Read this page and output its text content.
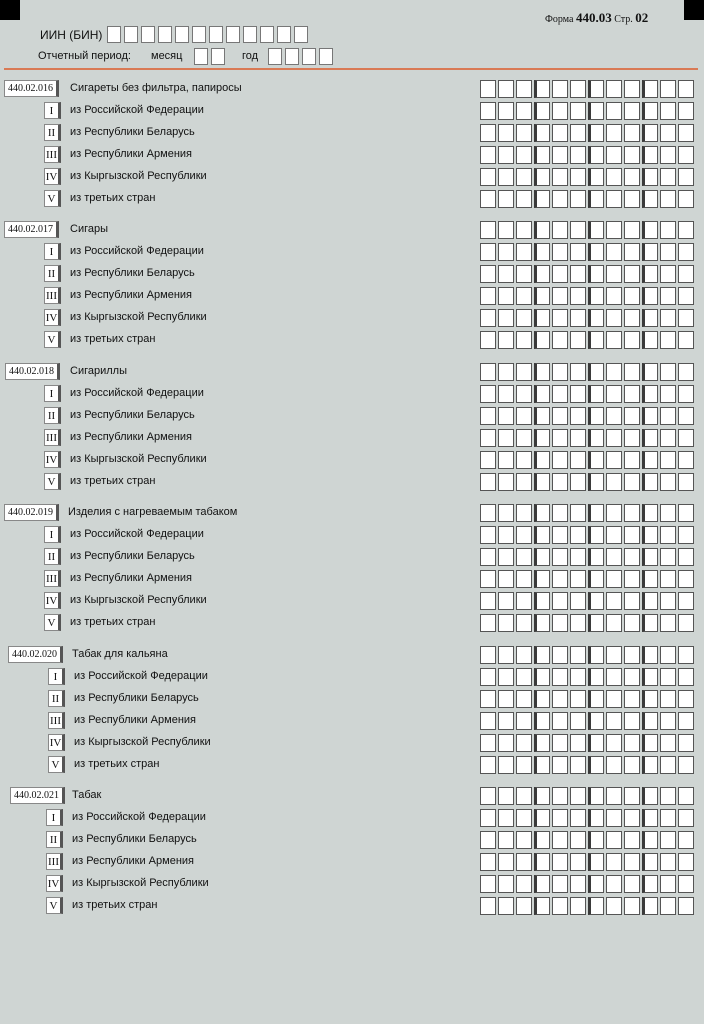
Форма 440.03 Стр. 02
ИИН (БИН)
Отчетный период: месяц	год
440.02.016	Сигареты без фильтра, папиросы
I	из Российской Федерации
II	из Республики Беларусь
III	из Республики Армения
IV	из Кыргызской Республики
V	из третьих стран
440.02.017	Сигары
I	из Российской Федерации
II	из Республики Беларусь
III	из Республики Армения
IV	из Кыргызской Республики
V	из третьих стран
440.02.018	Сигариллы
I	из Российской Федерации
II	из Республики Беларусь
III	из Республики Армения
IV	из Кыргызской Республики
V	из третьих стран
440.02.019	Изделия с нагреваемым табаком
I	из Российской Федерации
II	из Республики Беларусь
III	из Республики Армения
IV	из Кыргызской Республики
V	из третьих стран
440.02.020	Табак для кальяна
I	из Российской Федерации
II	из Республики Беларусь
III	из Республики Армения
IV	из Кыргызской Республики
V	из третьих стран
440.02.021	Табак
I	из Российской Федерации
II	из Республики Беларусь
III	из Республики Армения
IV	из Кыргызской Республики
V	из третьих стран
